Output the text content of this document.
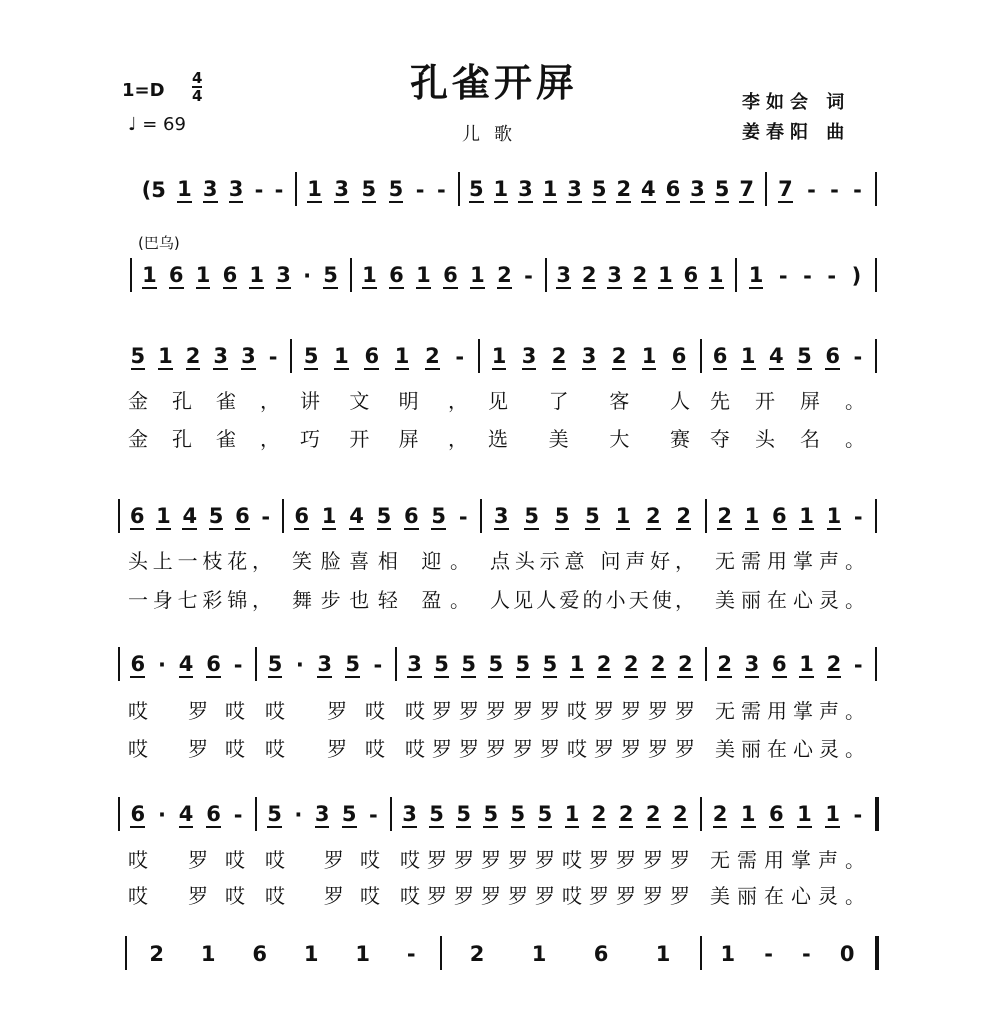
孔雀开屏
儿歌
1=D
4
4
♩ = 69
李如会 词
姜春阳 曲
(巴乌)
(5 1 3 3 - - 1 3 5 5 - - 5 1 3 1 3 5 2 4 6 3 5 7 7 - - -
1 6 1 6 1 3 · 5 1 6 1 6 1 2 - 3 2 3 2 1 6 1 1 - - - )
5 1 2 3 3 - 5 1 6 1 2 - 1 3 2 3 2 1 6 6 1 4 5 6 -
金孔雀，	讲文明，	见了客人	先开屏。
金孔雀，	巧开屏，	选美大赛	夺头名。
6 1 4 5 6 - 6 1 4 5 6 5 - 3 5 5 5 1 2 2 2 1 6 1 1 -
头上一枝花，	笑脸喜相 迎。	点头示意 问声好，	无需用掌声。
一身七彩锦，	舞步也轻 盈。	人见人爱的小天使，	美丽在心灵。
6 · 4 6 - 5 · 3 5 - 3 5 5 5 5 5 1 2 2 2 2 2 3 6 1 2 -
哎 罗哎	哎 罗哎	哎罗罗罗罗罗哎罗罗罗罗	无需用掌声。
哎 罗哎	哎 罗哎	哎罗罗罗罗罗哎罗罗罗罗	美丽在心灵。
6 · 4 6 - 5 · 3 5 - 3 5 5 5 5 5 1 2 2 2 2 2 1 6 1 1 -
哎 罗哎	哎 罗哎	哎罗罗罗罗罗哎罗罗罗罗	无需用掌声。
哎 罗哎	哎 罗哎	哎罗罗罗罗罗哎罗罗罗罗	美丽在心灵。
2 1 6 1 1 -	2 1 6 1 1 - - 0
